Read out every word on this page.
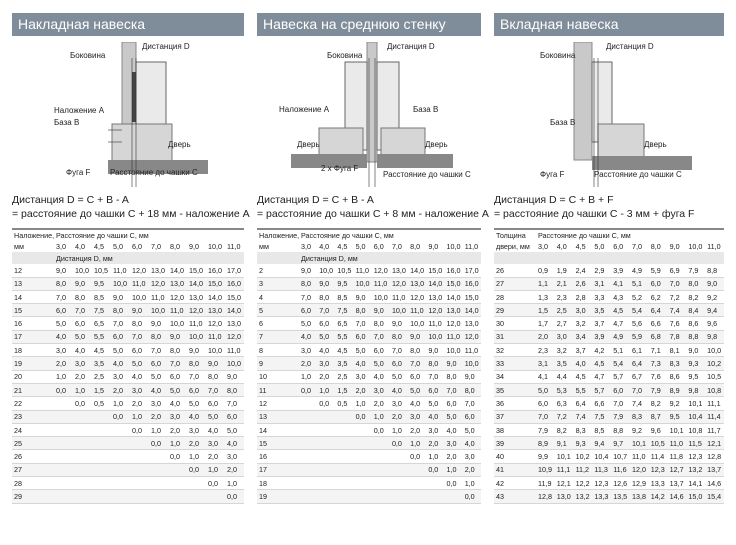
Накладная навеска
Боковина
Дистанция D
Наложение A
База B
Дверь
Фуга F Расстояние до чашки C
Дистанция D = C + B - A
= расстояние до чашки C + 18 мм - наложение A
Наложение,	Расстояние до чашки C, мм									
мм	3,0	4,0	4,5	5,0	6,0	7,0	8,0	9,0	10,0	11,0
	Дистанция D, мм									
12	9,0	10,0	10,5	11,0	12,0	13,0	14,0	15,0	16,0	17,0
13	8,0	9,0	9,5	10,0	11,0	12,0	13,0	14,0	15,0	16,0
14	7,0	8,0	8,5	9,0	10,0	11,0	12,0	13,0	14,0	15,0
15	6,0	7,0	7,5	8,0	9,0	10,0	11,0	12,0	13,0	14,0
16	5,0	6,0	6,5	7,0	8,0	9,0	10,0	11,0	12,0	13,0
17	4,0	5,0	5,5	6,0	7,0	8,0	9,0	10,0	11,0	12,0
18	3,0	4,0	4,5	5,0	6,0	7,0	8,0	9,0	10,0	11,0
19	2,0	3,0	3,5	4,0	5,0	6,0	7,0	8,0	9,0	10,0
20	1,0	2,0	2,5	3,0	4,0	5,0	6,0	7,0	8,0	9,0
21	0,0	1,0	1,5	2,0	3,0	4,0	5,0	6,0	7,0	8,0
22		0,0	0,5	1,0	2,0	3,0	4,0	5,0	6,0	7,0
23				0,0	1,0	2,0	3,0	4,0	5,0	6,0
24					0,0	1,0	2,0	3,0	4,0	5,0
25						0,0	1,0	2,0	3,0	4,0
26							0,0	1,0	2,0	3,0
27								0,0	1,0	2,0
28									0,0	1,0
29										0,0
Навеска на среднюю стенку
Боковина
Дистанция D
Наложение A	База B
Дверь	Дверь
2 x Фуга F
Расстояние до чашки C
Дистанция D = C + B - A
= расстояние до чашки C + 8 мм - наложение A
Наложение,	Расстояние до чашки C, мм									
мм	3,0	4,0	4,5	5,0	6,0	7,0	8,0	9,0	10,0	11,0
	Дистанция D, мм									
2	9,0	10,0	10,5	11,0	12,0	13,0	14,0	15,0	16,0	17,0
3	8,0	9,0	9,5	10,0	11,0	12,0	13,0	14,0	15,0	16,0
4	7,0	8,0	8,5	9,0	10,0	11,0	12,0	13,0	14,0	15,0
5	6,0	7,0	7,5	8,0	9,0	10,0	11,0	12,0	13,0	14,0
6	5,0	6,0	6,5	7,0	8,0	9,0	10,0	11,0	12,0	13,0
7	4,0	5,0	5,5	6,0	7,0	8,0	9,0	10,0	11,0	12,0
8	3,0	4,0	4,5	5,0	6,0	7,0	8,0	9,0	10,0	11,0
9	2,0	3,0	3,5	4,0	5,0	6,0	7,0	8,0	9,0	10,0
10	1,0	2,0	2,5	3,0	4,0	5,0	6,0	7,0	8,0	9,0
11	0,0	1,0	1,5	2,0	3,0	4,0	5,0	6,0	7,0	8,0
12		0,0	0,5	1,0	2,0	3,0	4,0	5,0	6,0	7,0
13				0,0	1,0	2,0	3,0	4,0	5,0	6,0
14					0,0	1,0	2,0	3,0	4,0	5,0
15						0,0	1,0	2,0	3,0	4,0
16							0,0	1,0	2,0	3,0
17								0,0	1,0	2,0
18									0,0	1,0
19										0,0
Вкладная навеска
Боковина
Дистанция D
База B
Дверь
Фуга F	Расстояние до чашки C
Дистанция D = C + B + F
= расстояние до чашки C - 3 мм + фуга F
Толщина	Расстояние до чашки C, мм									
двери, мм	3,0	4,0	4,5	5,0	6,0	7,0	8,0	9,0	10,0	11,0

26	0,9	1,9	2,4	2,9	3,9	4,9	5,9	6,9	7,9	8,8
27	1,1	2,1	2,6	3,1	4,1	5,1	6,0	7,0	8,0	9,0
28	1,3	2,3	2,8	3,3	4,3	5,2	6,2	7,2	8,2	9,2
29	1,5	2,5	3,0	3,5	4,5	5,4	6,4	7,4	8,4	9,4
30	1,7	2,7	3,2	3,7	4,7	5,6	6,6	7,6	8,6	9,6
31	2,0	3,0	3,4	3,9	4,9	5,9	6,8	7,8	8,8	9,8
32	2,3	3,2	3,7	4,2	5,1	6,1	7,1	8,1	9,0	10,0
33	3,1	3,5	4,0	4,5	5,4	6,4	7,3	8,3	9,3	10,2
34	4,1	4,4	4,5	4,7	5,7	6,7	7,6	8,6	9,5	10,5
35	5,0	5,3	5,5	5,7	6,0	7,0	7,9	8,9	9,8	10,8
36	6,0	6,3	6,4	6,6	7,0	7,4	8,2	9,2	10,1	11,1
37	7,0	7,2	7,4	7,5	7,9	8,3	8,7	9,5	10,4	11,4
38	7,9	8,2	8,3	8,5	8,8	9,2	9,6	10,1	10,8	11,7
39	8,9	9,1	9,3	9,4	9,7	10,1	10,5	11,0	11,5	12,1
40	9,9	10,1	10,2	10,4	10,7	11,0	11,4	11,8	12,3	12,8
41	10,9	11,1	11,2	11,3	11,6	12,0	12,3	12,7	13,2	13,7
42	11,9	12,1	12,2	12,3	12,6	12,9	13,3	13,7	14,1	14,6
43	12,8	13,0	13,2	13,3	13,5	13,8	14,2	14,6	15,0	15,4
